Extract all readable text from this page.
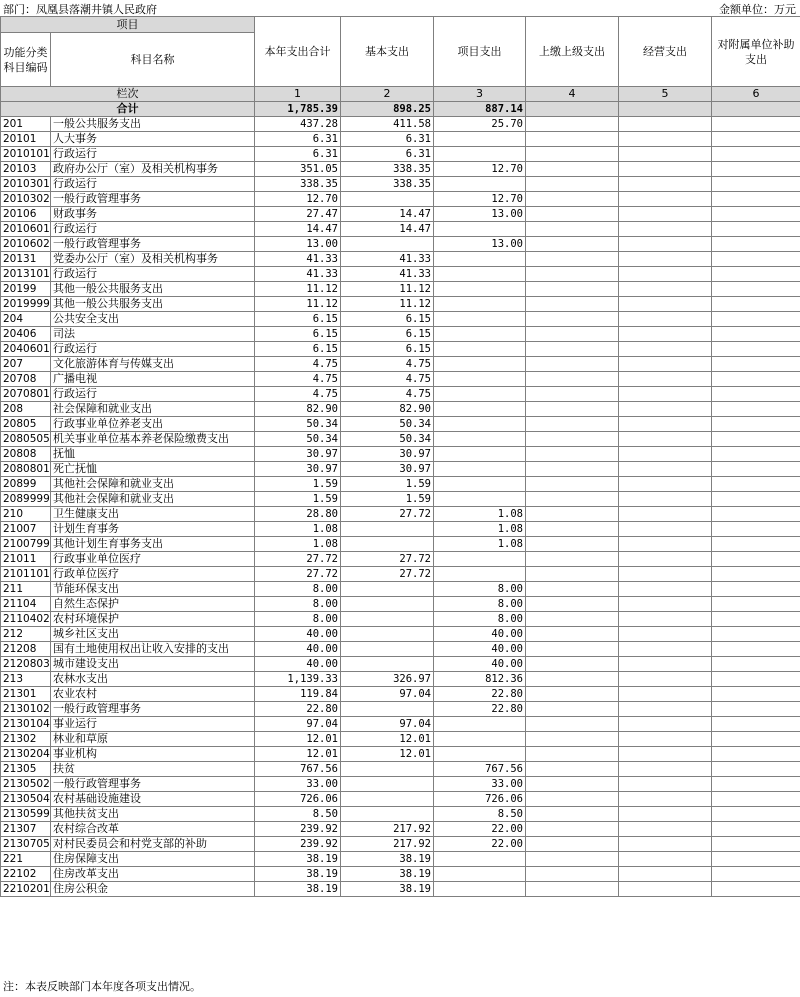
部门：凤凰县落潮井镇人民政府	金额单位：万元
项目		本年支出合计	基本支出	项目支出	上缴上级支出	经营支出	对附属单位补助支出
功能分类科目编码	科目名称						
栏次		1	2	3	4	5	6
合计		1,785.39	898.25	887.14			
201	一般公共服务支出	437.28	411.58	25.70			
20101	人大事务	6.31	6.31				
2010101	行政运行	6.31	6.31				
20103	政府办公厅（室）及相关机构事务	351.05	338.35	12.70			
2010301	行政运行	338.35	338.35				
2010302	一般行政管理事务	12.70		12.70			
20106	财政事务	27.47	14.47	13.00			
2010601	行政运行	14.47	14.47				
2010602	一般行政管理事务	13.00		13.00			
20131	党委办公厅（室）及相关机构事务	41.33	41.33				
2013101	行政运行	41.33	41.33				
20199	其他一般公共服务支出	11.12	11.12				
2019999	其他一般公共服务支出	11.12	11.12				
204	公共安全支出	6.15	6.15				
20406	司法	6.15	6.15				
2040601	行政运行	6.15	6.15				
207	文化旅游体育与传媒支出	4.75	4.75				
20708	广播电视	4.75	4.75				
2070801	行政运行	4.75	4.75				
208	社会保障和就业支出	82.90	82.90				
20805	行政事业单位养老支出	50.34	50.34				
2080505	机关事业单位基本养老保险缴费支出	50.34	50.34				
20808	抚恤	30.97	30.97				
2080801	死亡抚恤	30.97	30.97				
20899	其他社会保障和就业支出	1.59	1.59				
2089999	其他社会保障和就业支出	1.59	1.59				
210	卫生健康支出	28.80	27.72	1.08			
21007	计划生育事务	1.08		1.08			
2100799	其他计划生育事务支出	1.08		1.08			
21011	行政事业单位医疗	27.72	27.72				
2101101	行政单位医疗	27.72	27.72				
211	节能环保支出	8.00		8.00			
21104	自然生态保护	8.00		8.00			
2110402	农村环境保护	8.00		8.00			
212	城乡社区支出	40.00		40.00			
21208	国有土地使用权出让收入安排的支出	40.00		40.00			
2120803	城市建设支出	40.00		40.00			
213	农林水支出	1,139.33	326.97	812.36			
21301	农业农村	119.84	97.04	22.80			
2130102	一般行政管理事务	22.80		22.80			
2130104	事业运行	97.04	97.04				
21302	林业和草原	12.01	12.01				
2130204	事业机构	12.01	12.01				
21305	扶贫	767.56		767.56			
2130502	一般行政管理事务	33.00		33.00			
2130504	农村基础设施建设	726.06		726.06			
2130599	其他扶贫支出	8.50		8.50			
21307	农村综合改革	239.92	217.92	22.00			
2130705	对村民委员会和村党支部的补助	239.92	217.92	22.00			
221	住房保障支出	38.19	38.19				
22102	住房改革支出	38.19	38.19				
2210201	住房公积金	38.19	38.19				
注：本表反映部门本年度各项支出情况。
